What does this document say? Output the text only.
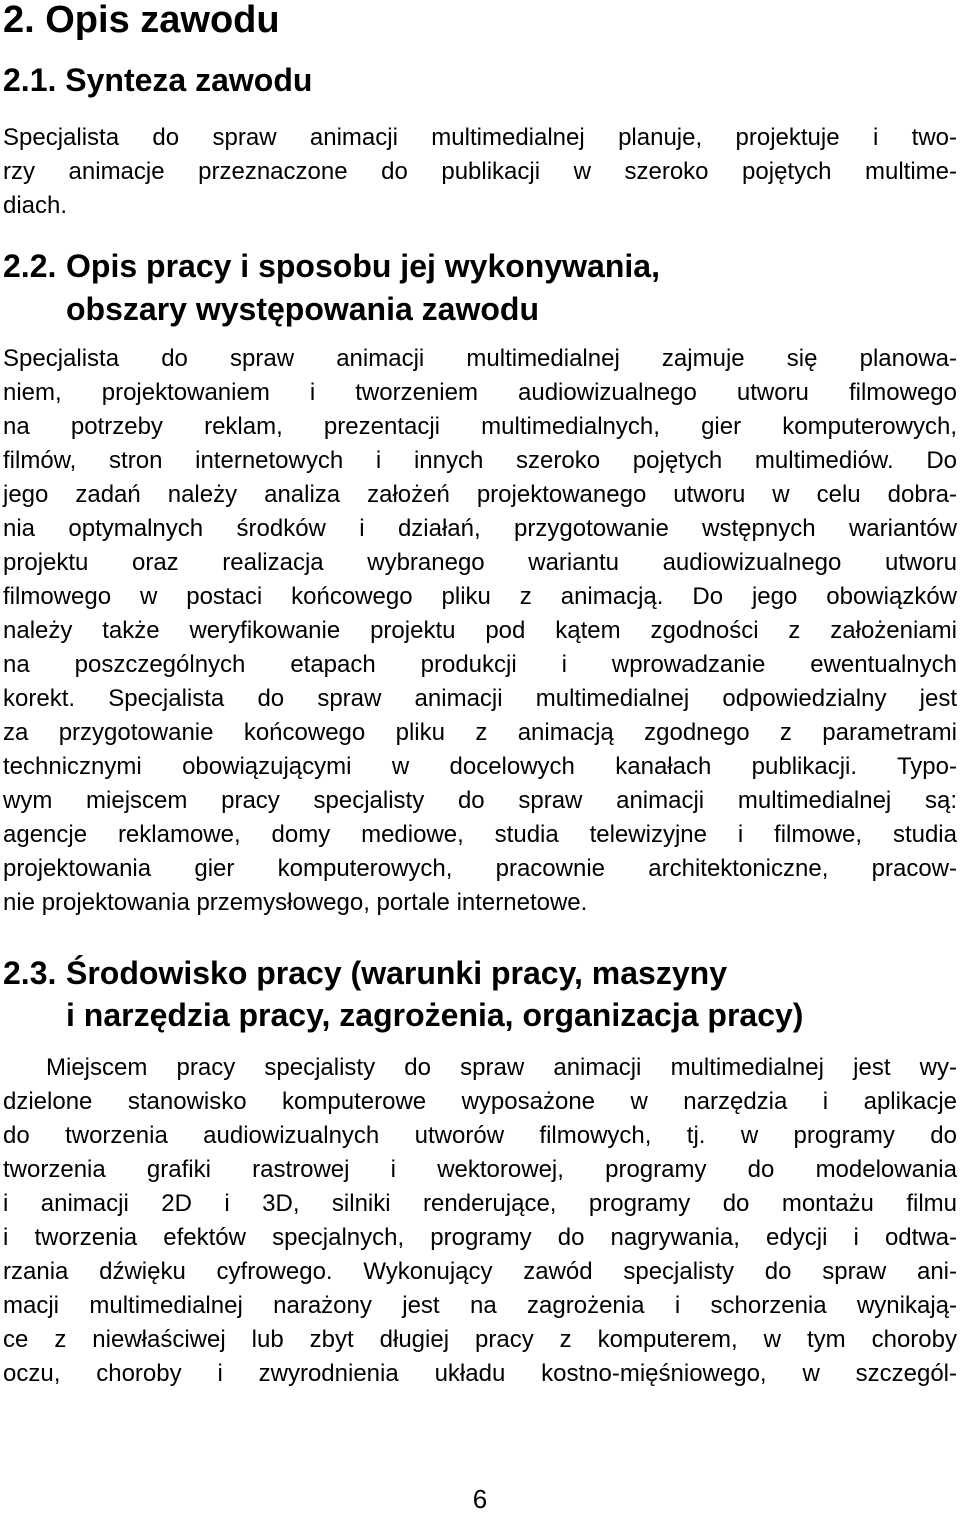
2. Opis zawodu
2.1. Synteza zawodu
Specjalista do spraw animacji multimedialnej planuje, projektuje i two-
rzy animacje przeznaczone do publikacji w szeroko pojętych multime-
diach.
2.2. Opis pracy i sposobu jej wykonywania,
obszary występowania zawodu
Specjalista do spraw animacji multimedialnej zajmuje się planowa-
niem, projektowaniem i tworzeniem audiowizualnego utworu filmowego
na potrzeby reklam, prezentacji multimedialnych, gier komputerowych,
filmów, stron internetowych i innych szeroko pojętych multimediów. Do
jego zadań należy analiza założeń projektowanego utworu w celu dobra-
nia optymalnych środków i działań, przygotowanie wstępnych wariantów
projektu oraz realizacja wybranego wariantu audiowizualnego utworu
filmowego w postaci końcowego pliku z animacją. Do jego obowiązków
należy także weryfikowanie projektu pod kątem zgodności z założeniami
na poszczególnych etapach produkcji i wprowadzanie ewentualnych
korekt. Specjalista do spraw animacji multimedialnej odpowiedzialny jest
za przygotowanie końcowego pliku z animacją zgodnego z parametrami
technicznymi obowiązującymi w docelowych kanałach publikacji. Typo-
wym miejscem pracy specjalisty do spraw animacji multimedialnej są:
agencje reklamowe, domy mediowe, studia telewizyjne i filmowe, studia
projektowania gier komputerowych, pracownie architektoniczne, pracow-
nie projektowania przemysłowego, portale internetowe.
2.3. Środowisko pracy (warunki pracy, maszyny
i narzędzia pracy, zagrożenia, organizacja pracy)
Miejscem pracy specjalisty do spraw animacji multimedialnej jest wy-
dzielone stanowisko komputerowe wyposażone w narzędzia i aplikacje
do tworzenia audiowizualnych utworów filmowych, tj. w programy do
tworzenia grafiki rastrowej i wektorowej, programy do modelowania
i animacji 2D i 3D, silniki renderujące, programy do montażu filmu
i tworzenia efektów specjalnych, programy do nagrywania, edycji i odtwa-
rzania dźwięku cyfrowego. Wykonujący zawód specjalisty do spraw ani-
macji multimedialnej narażony jest na zagrożenia i schorzenia wynikają-
ce z niewłaściwej lub zbyt długiej pracy z komputerem, w tym choroby
oczu, choroby i zwyrodnienia układu kostno-mięśniowego, w szczegól-

6
